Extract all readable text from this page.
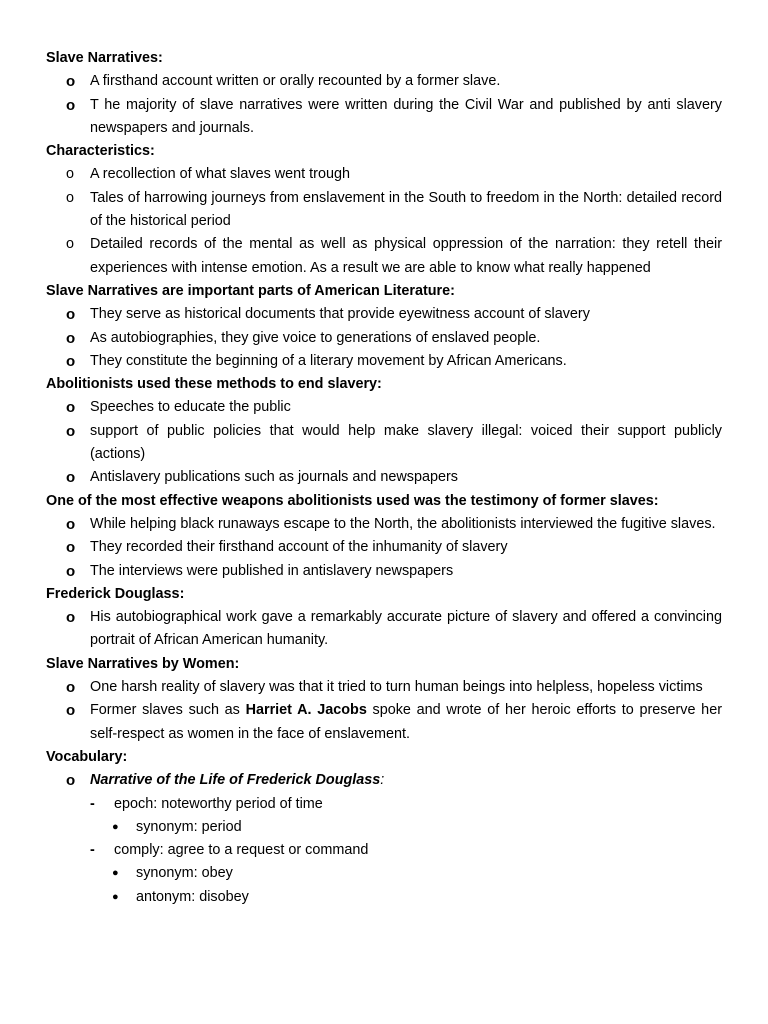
Slave Narratives:
o	A firsthand account written or orally recounted by a former slave.
o	T he majority of slave narratives were written during the Civil War and published by anti slavery newspapers and journals.
Characteristics:
o	A recollection of what slaves went trough
o	Tales of harrowing journeys from enslavement in the South to freedom in the North: detailed record of the historical period
o	Detailed records of the mental as well as physical oppression of the narration: they retell their experiences with intense emotion. As a result we are able to know what really happened
Slave Narratives are important parts of American Literature:
o	They serve as historical documents that provide eyewitness account of slavery
o	As autobiographies, they give voice to generations of enslaved people.
o	They constitute the beginning of a literary movement by African Americans.
Abolitionists used these methods to end slavery:
o	Speeches to educate the public
o	support of public policies that would help make slavery illegal: voiced their support publicly (actions)
o	Antislavery publications such as journals and newspapers
One of the most effective weapons abolitionists used was the testimony of former slaves:
o	While helping black runaways escape to the North, the abolitionists interviewed the fugitive slaves.
o	They recorded their firsthand account of the inhumanity of slavery
o	The interviews were published in antislavery newspapers
Frederick Douglass:
o	His autobiographical work gave a remarkably accurate picture of slavery and offered a convincing portrait of African American humanity.
Slave Narratives by Women:
o	One harsh reality of slavery was that it tried to turn human beings into helpless, hopeless victims
o	Former slaves such as Harriet A. Jacobs spoke and wrote of her heroic efforts to preserve her self-respect as women in the face of enslavement.
Vocabulary:
o	Narrative of the Life of Frederick Douglass:
-	epoch: noteworthy period of time
●	synonym: period
-	comply: agree to a request or command
●	synonym: obey
●	antonym: disobey
